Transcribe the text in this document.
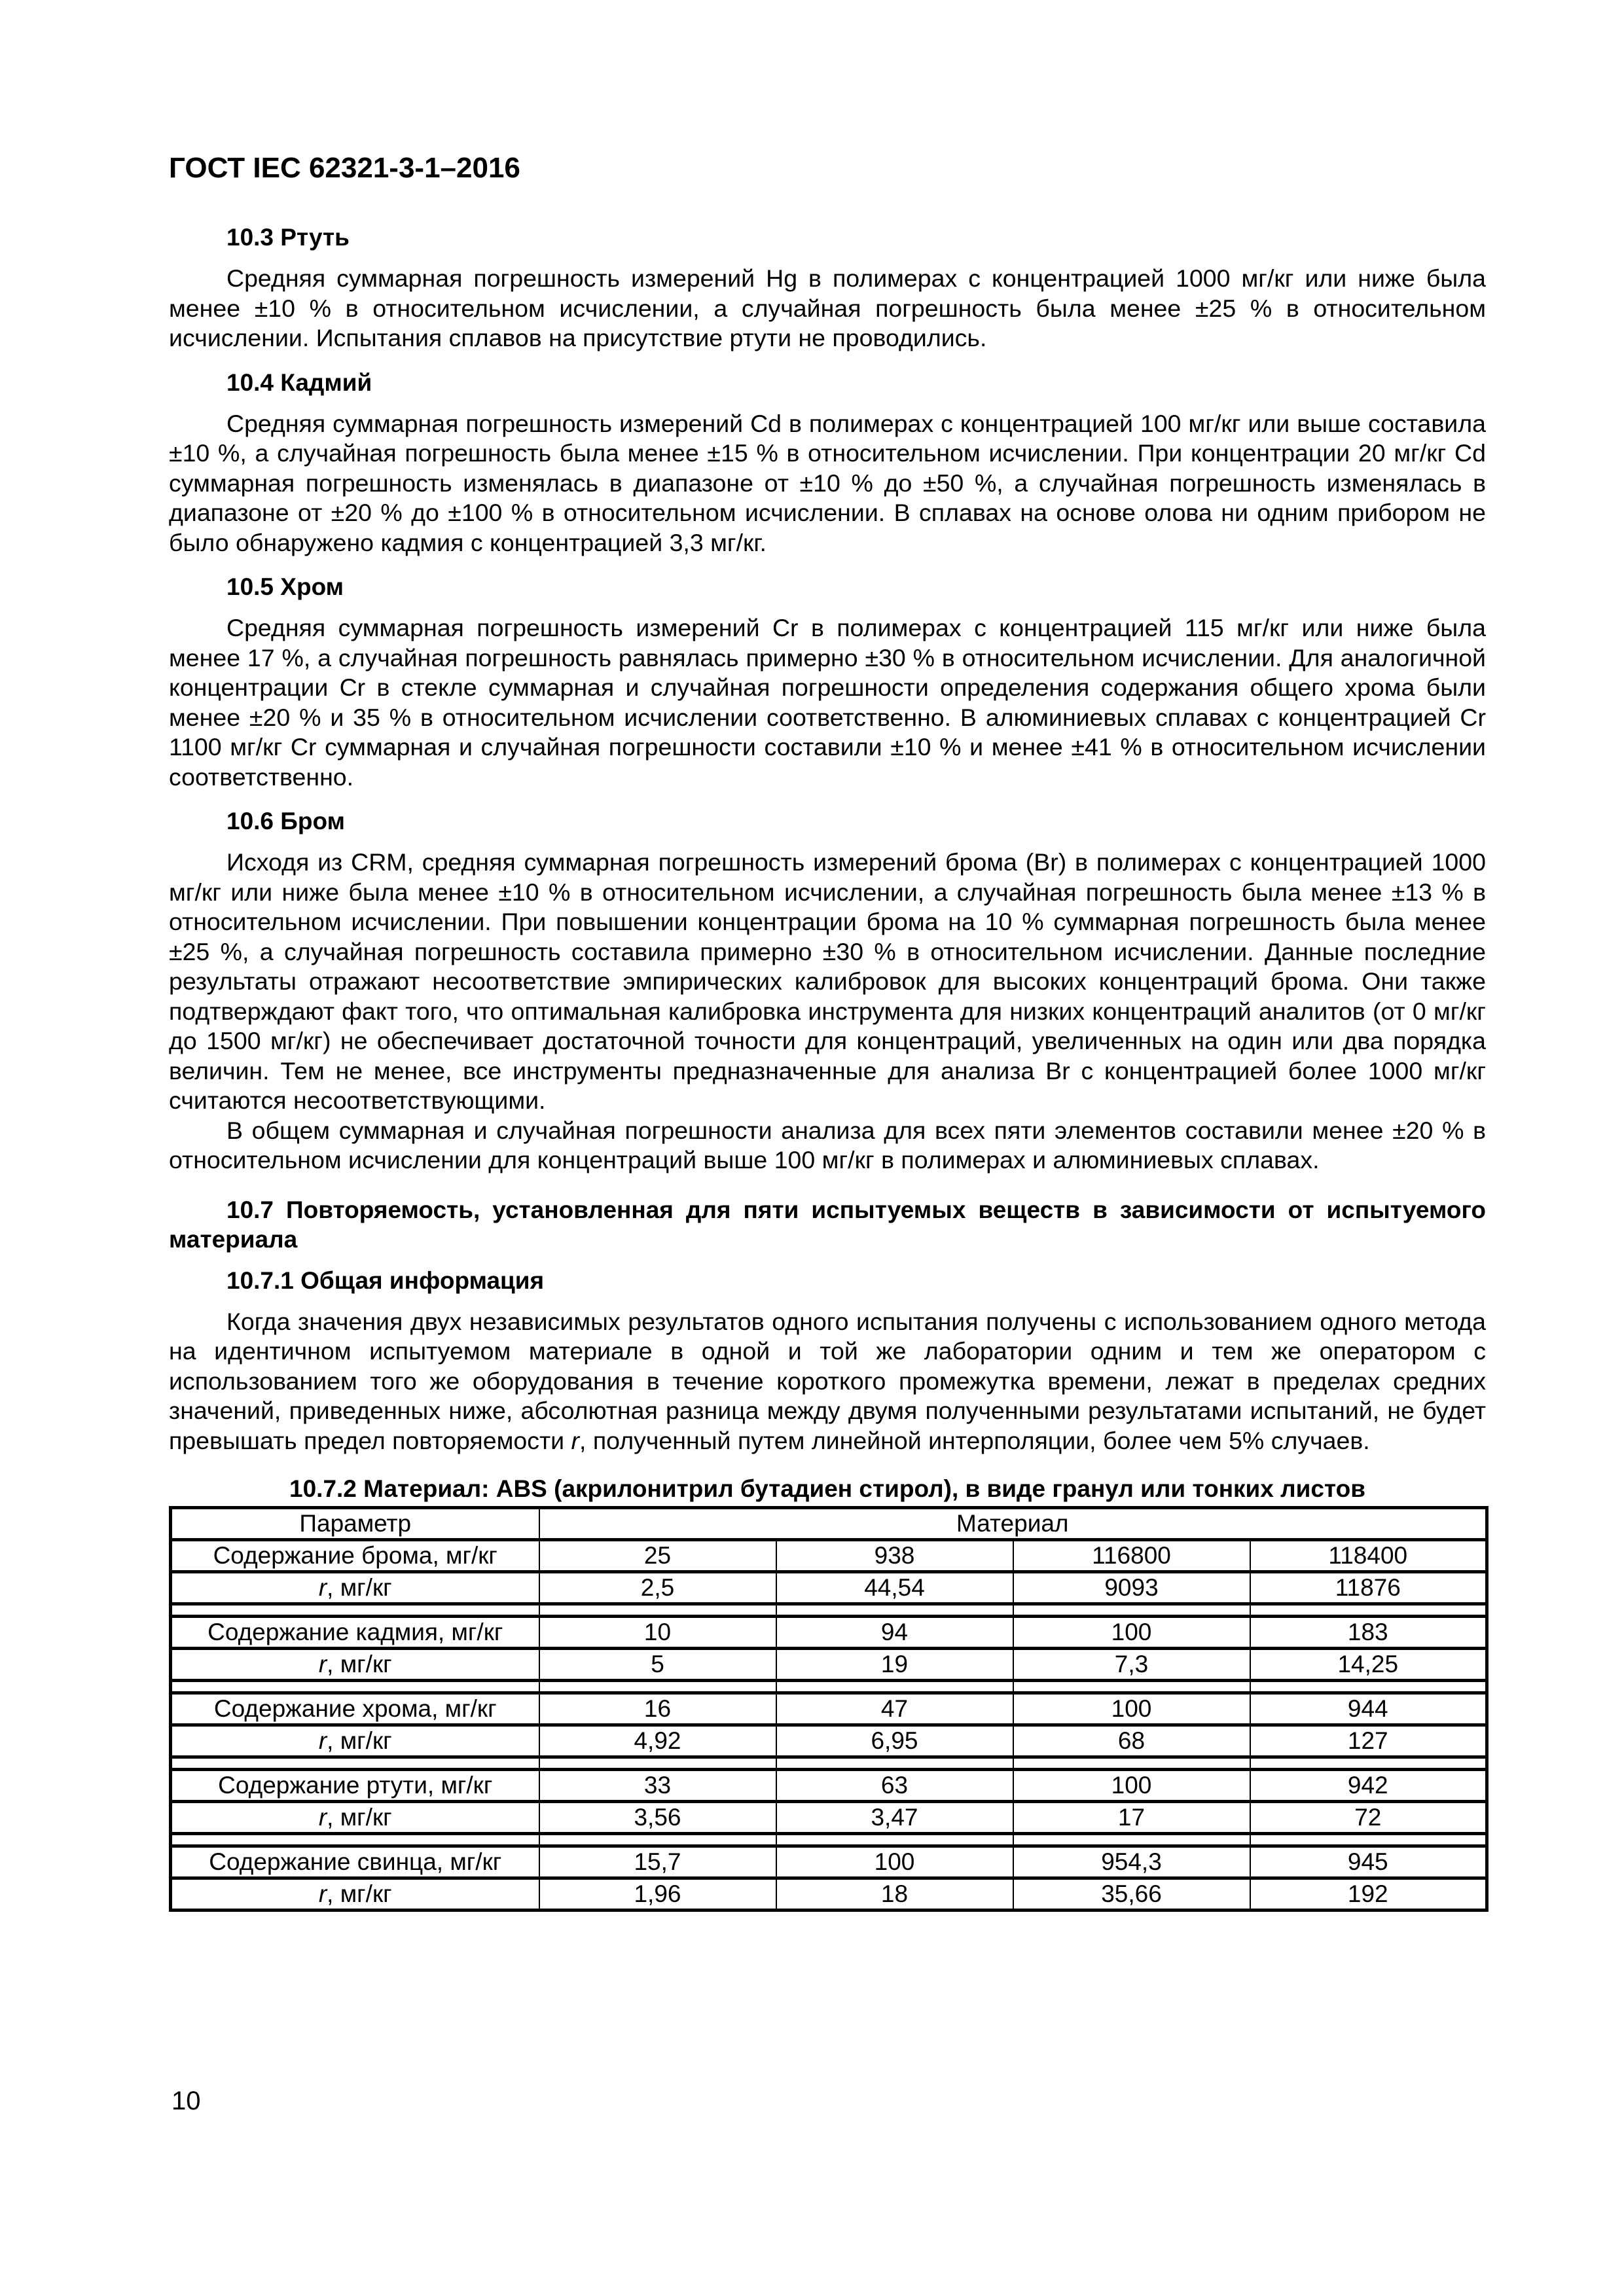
ГОСТ IEC 62321-3-1–2016
10.3 Ртуть

Средняя суммарная погрешность измерений Hg в полимерах с концентрацией 1000 мг/кг или ниже была менее ±10 % в относительном исчислении, а случайная погрешность была менее ±25 % в относительном исчислении. Испытания сплавов на присутствие ртути не проводились.

10.4 Кадмий

Средняя суммарная погрешность измерений Cd в полимерах с концентрацией 100 мг/кг или выше составила ±10 %, а случайная погрешность была менее ±15 % в относительном исчислении. При концентрации 20 мг/кг Cd суммарная погрешность изменялась в диапазоне от ±10 % до ±50 %, а случайная погрешность изменялась в диапазоне от ±20 % до ±100 % в относительном исчислении. В сплавах на основе олова ни одним прибором не было обнаружено кадмия с концентрацией 3,3 мг/кг.

10.5 Хром

Средняя суммарная погрешность измерений Cr в полимерах с концентрацией 115 мг/кг или ниже была менее 17 %, а случайная погрешность равнялась примерно ±30 % в относительном исчислении. Для аналогичной концентрации Cr в стекле суммарная и случайная погрешности определения содержания общего хрома были менее ±20 % и 35 % в относительном исчислении соответственно. В алюминиевых сплавах с концентрацией Cr 1100 мг/кг Cr суммарная и случайная погрешности составили ±10 % и менее ±41 % в относительном исчислении соответственно.

10.6 Бром

Исходя из CRM, средняя суммарная погрешность измерений брома (Br) в полимерах с концентрацией 1000 мг/кг или ниже была менее ±10 % в относительном исчислении, а случайная погрешность была менее ±13 % в относительном исчислении. При повышении концентрации брома на 10 % суммарная погрешность была менее ±25 %, а случайная погрешность составила примерно ±30 % в относительном исчислении. Данные последние результаты отражают несоответствие эмпирических калибровок для высоких концентраций брома. Они также подтверждают факт того, что оптимальная калибровка инструмента для низких концентраций аналитов (от 0 мг/кг до 1500 мг/кг) не обеспечивает достаточной точности для концентраций, увеличенных на один или два порядка величин. Тем не менее, все инструменты предназначенные для анализа Br с концентрацией более 1000 мг/кг считаются несоответствующими.

В общем суммарная и случайная погрешности анализа для всех пяти элементов составили менее ±20 % в относительном исчислении для концентраций выше 100 мг/кг в полимерах и алюминиевых сплавах.

10.7 Повторяемость, установленная для пяти испытуемых веществ в зависимости от испытуемого материала
10.7.1 Общая информация

Когда значения двух независимых результатов одного испытания получены с использованием одного метода на идентичном испытуемом материале в одной и той же лаборатории одним и тем же оператором с использованием того же оборудования в течение короткого промежутка времени, лежат в пределах средних значений, приведенных ниже, абсолютная разница между двумя полученными результатами испытаний, не будет превышать предел повторяемости r, полученный путем линейной интерполяции, более чем 5% случаев.

10.7.2 Материал: ABS (акрилонитрил бутадиен стирол), в виде гранул или тонких листов
Параметр	Материал			
Содержание брома, мг/кг	25	938	116800	118400
r, мг/кг	2,5	44,54	9093	11876

Содержание кадмия, мг/кг	10	94	100	183
r, мг/кг	5	19	7,3	14,25

Содержание хрома, мг/кг	16	47	100	944
r, мг/кг	4,92	6,95	68	127

Содержание ртути, мг/кг	33	63	100	942
r, мг/кг	3,56	3,47	17	72

Содержание свинца, мг/кг	15,7	100	954,3	945
r, мг/кг	1,96	18	35,66	192
10
